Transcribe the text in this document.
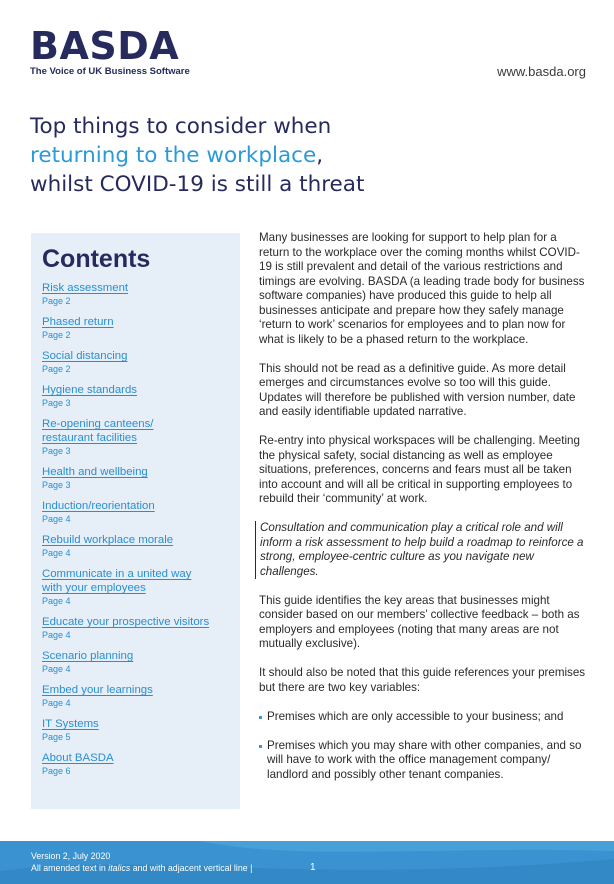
BASDA
The Voice of UK Business Software	www.basda.org
Top things to consider when
returning to the workplace,
whilst COVID-19 is still a threat
Contents
Risk assessment
Page 2
Phased return
Page 2
Social distancing
Page 2
Hygiene standards
Page 3
Re-opening canteens/
restaurant facilities
Page 3
Health and wellbeing
Page 3
Induction/reorientation
Page 4
Rebuild workplace morale
Page 4
Communicate in a united way
with your employees
Page 4
Educate your prospective visitors
Page 4
Scenario planning
Page 4
Embed your learnings
Page 4
IT Systems
Page 5
About BASDA
Page 6

Many businesses are looking for support to help plan for a return to the workplace over the coming months whilst COVID-19 is still prevalent and detail of the various restrictions and timings are evolving. BASDA (a leading trade body for business software companies) have produced this guide to help all businesses anticipate and prepare how they safely manage ‘return to work’ scenarios for employees and to plan now for what is likely to be a phased return to the workplace.

This should not be read as a definitive guide. As more detail emerges and circumstances evolve so too will this guide. Updates will therefore be published with version number, date and easily identifiable updated narrative.

Re-entry into physical workspaces will be challenging. Meeting the physical safety, social distancing as well as employee situations, preferences, concerns and fears must all be taken into account and will all be critical in supporting employees to rebuild their ‘community’ at work.

Consultation and communication play a critical role and will inform a risk assessment to help build a roadmap to reinforce a strong, employee-centric culture as you navigate new challenges.

This guide identifies the key areas that businesses might consider based on our members’ collective feedback – both as employers and employees (noting that many areas are not mutually exclusive).

It should also be noted that this guide references your premises but there are two key variables:

Premises which are only accessible to your business; and
Premises which you may share with other companies, and so will have to work with the office management company/ landlord and possibly other tenant companies.
Version 2, July 2020
All amended text in italics and with adjacent vertical line |	1
